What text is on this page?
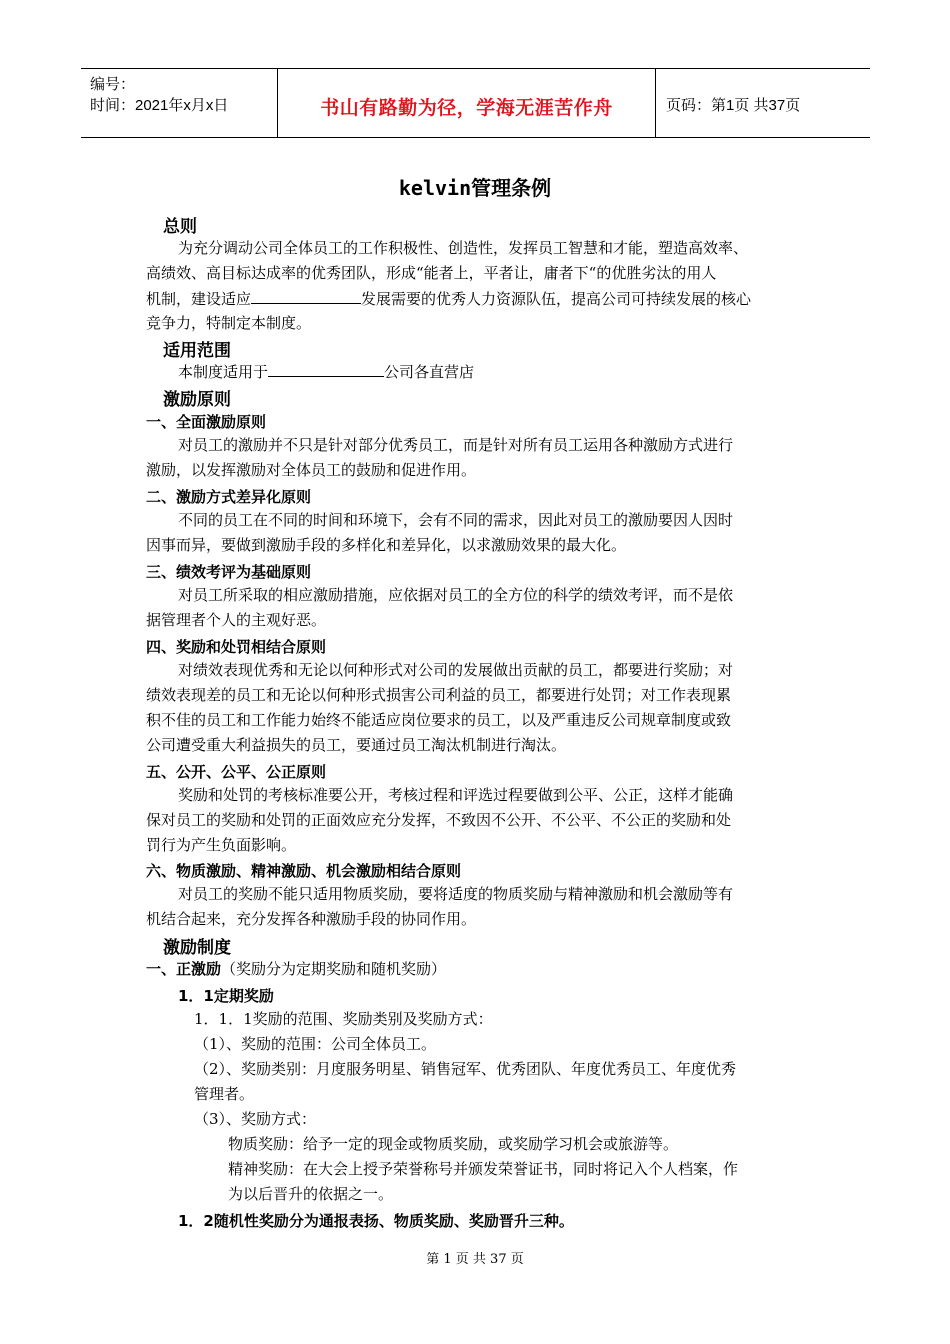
编号：
时间：2021年x月x日	书山有路勤为径，学海无涯苦作舟	页码：第1页 共37页
kelvin管理条例
总则
为充分调动公司全体员工的工作积极性、创造性，发挥员工智慧和才能，塑造高效率、
高绩效、高目标达成率的优秀团队，形成“能者上，平者让，庸者下“的优胜劣汰的用人
机制，建设适应	发展需要的优秀人力资源队伍，提高公司可持续发展的核心
竞争力，特制定本制度。
适用范围
本制度适用于	公司各直营店
激励原则
一、全面激励原则
对员工的激励并不只是针对部分优秀员工，而是针对所有员工运用各种激励方式进行
激励，以发挥激励对全体员工的鼓励和促进作用。
二、激励方式差异化原则
不同的员工在不同的时间和环境下，会有不同的需求，因此对员工的激励要因人因时
因事而异，要做到激励手段的多样化和差异化，以求激励效果的最大化。
三、绩效考评为基础原则
对员工所采取的相应激励措施，应依据对员工的全方位的科学的绩效考评，而不是依
据管理者个人的主观好恶。
四、奖励和处罚相结合原则
对绩效表现优秀和无论以何种形式对公司的发展做出贡献的员工，都要进行奖励；对
绩效表现差的员工和无论以何种形式损害公司利益的员工，都要进行处罚；对工作表现累
积不佳的员工和工作能力始终不能适应岗位要求的员工，以及严重违反公司规章制度或致
公司遭受重大利益损失的员工，要通过员工淘汰机制进行淘汰。
五、公开、公平、公正原则
奖励和处罚的考核标准要公开，考核过程和评选过程要做到公平、公正，这样才能确
保对员工的奖励和处罚的正面效应充分发挥，不致因不公开、不公平、不公正的奖励和处
罚行为产生负面影响。
六、物质激励、精神激励、机会激励相结合原则
对员工的奖励不能只适用物质奖励，要将适度的物质奖励与精神激励和机会激励等有
机结合起来，充分发挥各种激励手段的协同作用。
激励制度
一、正激励（奖励分为定期奖励和随机奖励）
1．1定期奖励
1．1．1奖励的范围、奖励类别及奖励方式：
（1）、奖励的范围：公司全体员工。
（2）、奖励类别：月度服务明星、销售冠军、优秀团队、年度优秀员工、年度优秀
管理者。
（3）、奖励方式：
物质奖励：给予一定的现金或物质奖励，或奖励学习机会或旅游等。
精神奖励：在大会上授予荣誉称号并颁发荣誉证书，同时将记入个人档案，作
为以后晋升的依据之一。
1．2随机性奖励分为通报表扬、物质奖励、奖励晋升三种。
第 1 页 共 37 页
